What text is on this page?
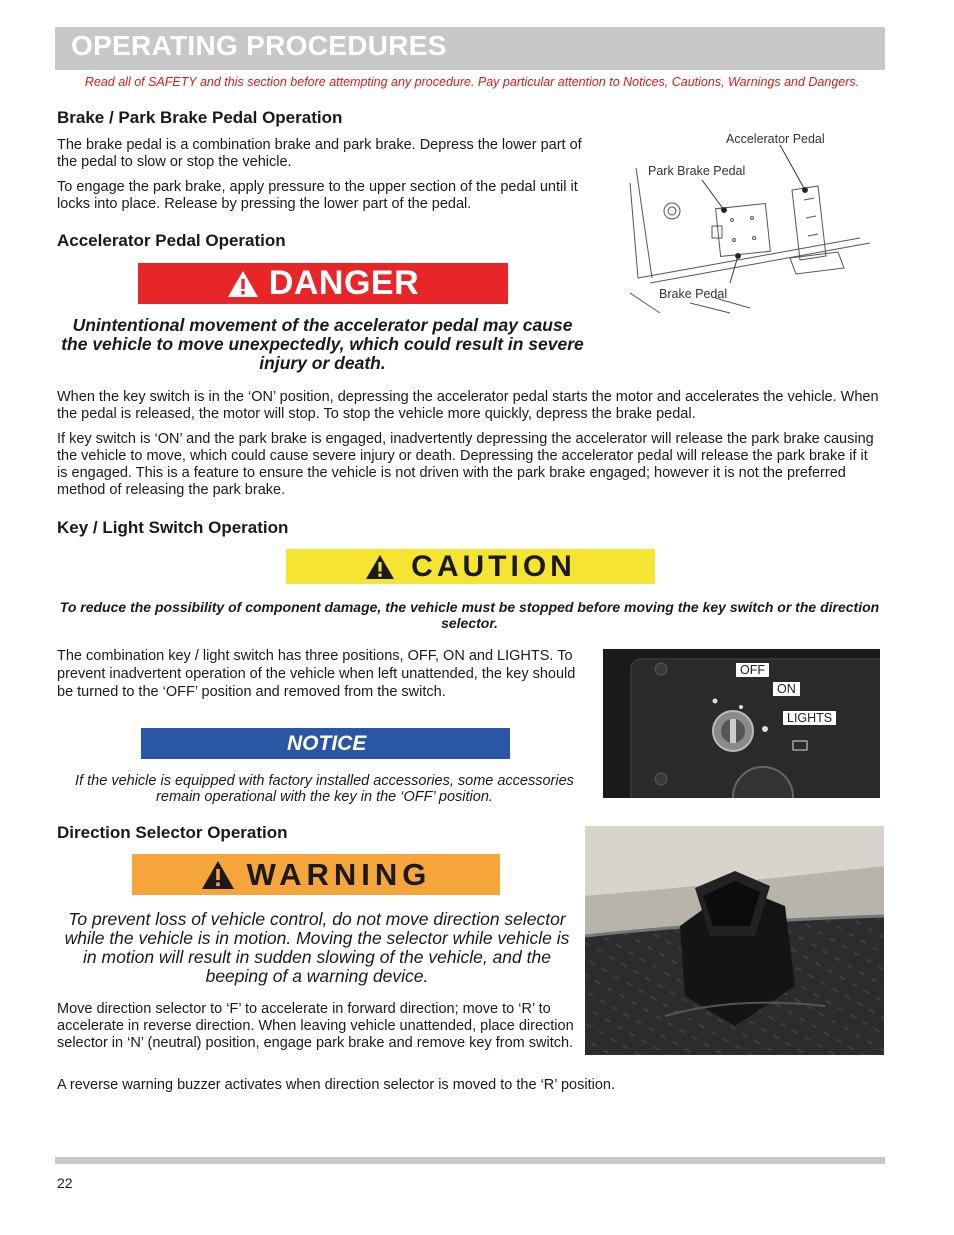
OPERATING PROCEDURES
Read all of SAFETY and this section before attempting any procedure. Pay particular attention to Notices, Cautions, Warnings and Dangers.
Brake / Park Brake Pedal Operation

The brake pedal is a combination brake and park brake. Depress the lower part of the pedal to slow or stop the vehicle.

To engage the park brake, apply pressure to the upper section of the pedal until it locks into place. Release by pressing the lower part of the pedal.

Accelerator Pedal
Park Brake Pedal
Brake Pedal
Accelerator Pedal Operation
DANGER
Unintentional movement of the accelerator pedal may cause the vehicle to move unexpectedly, which could result in severe injury or death.

When the key switch is in the ‘ON’ position, depressing the accelerator pedal starts the motor and accelerates the vehicle. When the pedal is released, the motor will stop. To stop the vehicle more quickly, depress the brake pedal.

If key switch is ‘ON’ and the park brake is engaged, inadvertently depressing the accelerator will release the park brake causing the vehicle to move, which could cause severe injury or death. Depressing the accelerator pedal will release the park brake if it is engaged. This is a feature to ensure the vehicle is not driven with the park brake engaged; however it is not the preferred method of releasing the park brake.

Key / Light Switch Operation
CAUTION
To reduce the possibility of component damage, the vehicle must be stopped before moving the key switch or the direction selector.

The combination key / light switch has three positions, OFF, ON and LIGHTS. To prevent inadvertent operation of the vehicle when left unattended, the key should be turned to the ‘OFF’ position and removed from the switch.

NOTICE
If the vehicle is equipped with factory installed accessories, some accessories remain operational with the key in the ‘OFF’ position.
OFF
ON
LIGHTS
Direction Selector Operation
WARNING
To prevent loss of vehicle control, do not move direction selector while the vehicle is in motion. Moving the selector while vehicle is in motion will result in sudden slowing of the vehicle, and the beeping of a warning device.

Move direction selector to ‘F’ to accelerate in forward direction; move to ‘R’ to accelerate in reverse direction. When leaving vehicle unattended, place direction selector in ‘N’ (neutral) position, engage park brake and remove key from switch.

A reverse warning buzzer activates when direction selector is moved to the ‘R’ position.

22
